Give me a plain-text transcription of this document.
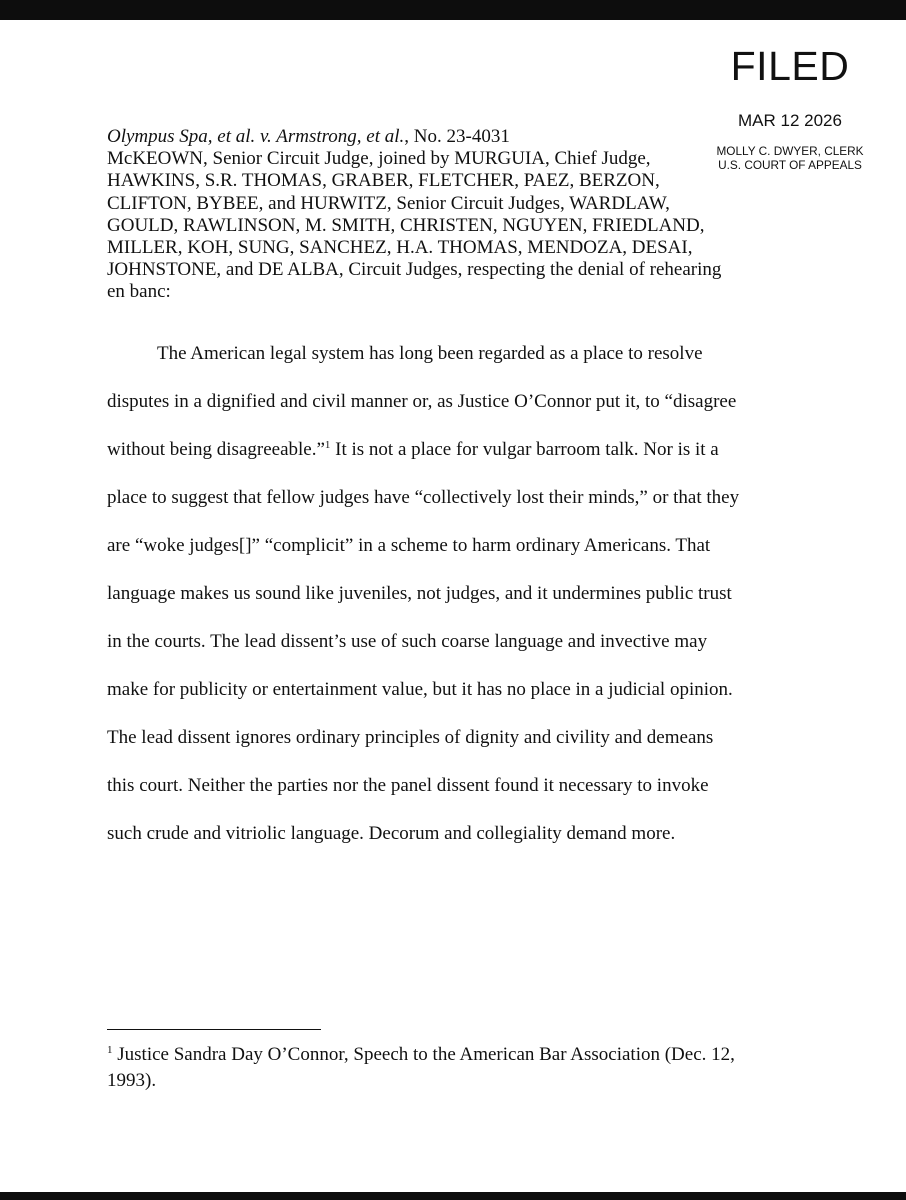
FILED
MAR 12 2026
MOLLY C. DWYER, CLERK
U.S. COURT OF APPEALS
Olympus Spa, et al. v. Armstrong, et al., No. 23-4031
McKEOWN, Senior Circuit Judge, joined by MURGUIA, Chief Judge,
HAWKINS, S.R. THOMAS, GRABER, FLETCHER, PAEZ, BERZON,
CLIFTON, BYBEE, and HURWITZ, Senior Circuit Judges, WARDLAW,
GOULD, RAWLINSON, M. SMITH, CHRISTEN, NGUYEN, FRIEDLAND,
MILLER, KOH, SUNG, SANCHEZ, H.A. THOMAS, MENDOZA, DESAI,
JOHNSTONE, and DE ALBA, Circuit Judges, respecting the denial of rehearing
en banc:
The American legal system has long been regarded as a place to resolve
disputes in a dignified and civil manner or, as Justice O’Connor put it, to “disagree
without being disagreeable.”$^1$ It is not a place for vulgar barroom talk. Nor is it a
place to suggest that fellow judges have “collectively lost their minds,” or that they
are “woke judges[]” “complicit” in a scheme to harm ordinary Americans. That
language makes us sound like juveniles, not judges, and it undermines public trust
in the courts. The lead dissent’s use of such coarse language and invective may
make for publicity or entertainment value, but it has no place in a judicial opinion.
The lead dissent ignores ordinary principles of dignity and civility and demeans
this court. Neither the parties nor the panel dissent found it necessary to invoke
such crude and vitriolic language. Decorum and collegiality demand more.
$^1$ Justice Sandra Day O’Connor, Speech to the American Bar Association (Dec. 12,
1993).
